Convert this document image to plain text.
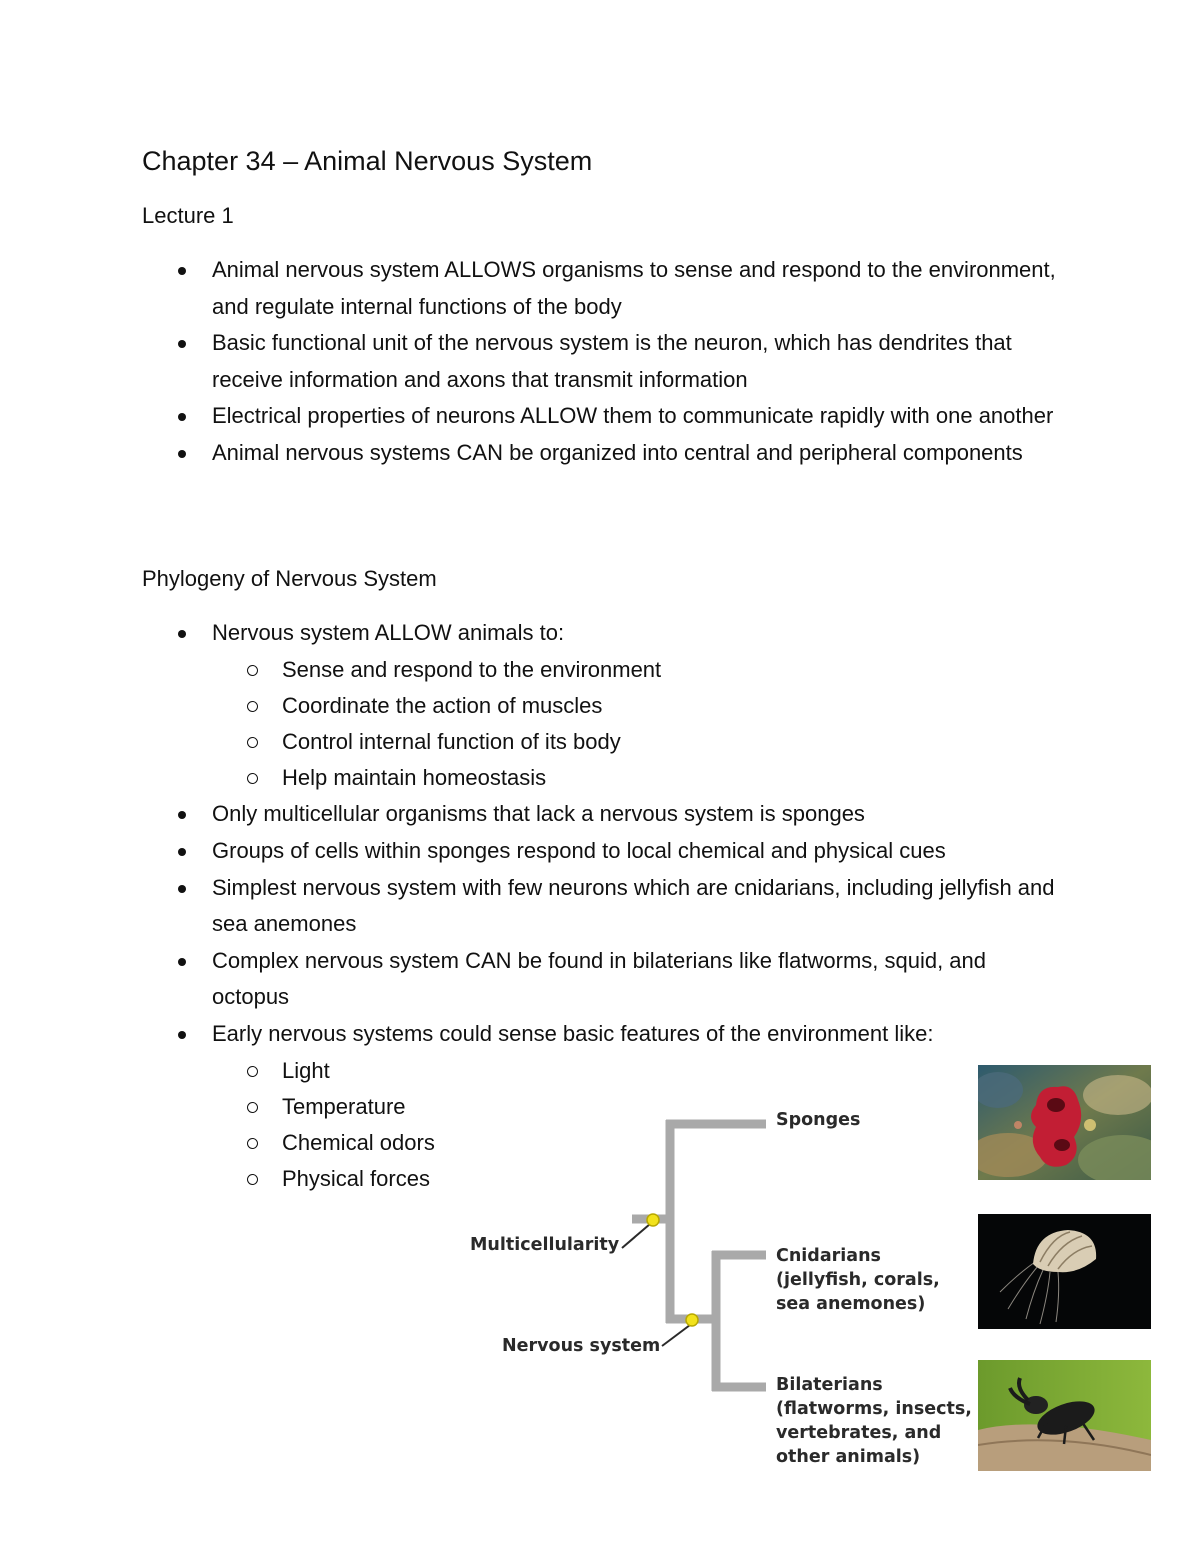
Chapter 34 – Animal Nervous System
Lecture 1
Animal nervous system ALLOWS organisms to sense and respond to the environment, and regulate internal functions of the body
Basic functional unit of the nervous system is the neuron, which has dendrites that receive information and axons that transmit information
Electrical properties of neurons ALLOW them to communicate rapidly with one another
Animal nervous systems CAN be organized into central and peripheral components
Phylogeny of Nervous System
Nervous system ALLOW animals to:
Sense and respond to the environment
Coordinate the action of muscles
Control internal function of its body
Help maintain homeostasis
Only multicellular organisms that lack a nervous system is sponges
Groups of cells within sponges respond to local chemical and physical cues
Simplest nervous system with few neurons which are cnidarians, including jellyfish and sea anemones
Complex nervous system CAN be found in bilaterians like flatworms, squid, and octopus
Early nervous systems could sense basic features of the environment like:
Light
Temperature
Chemical odors
Physical forces
Sponges
Cnidarians
(jellyfish, corals,
sea anemones)
Bilaterians
(flatworms, insects,
vertebrates, and
other animals)
Multicellularity
Nervous system
